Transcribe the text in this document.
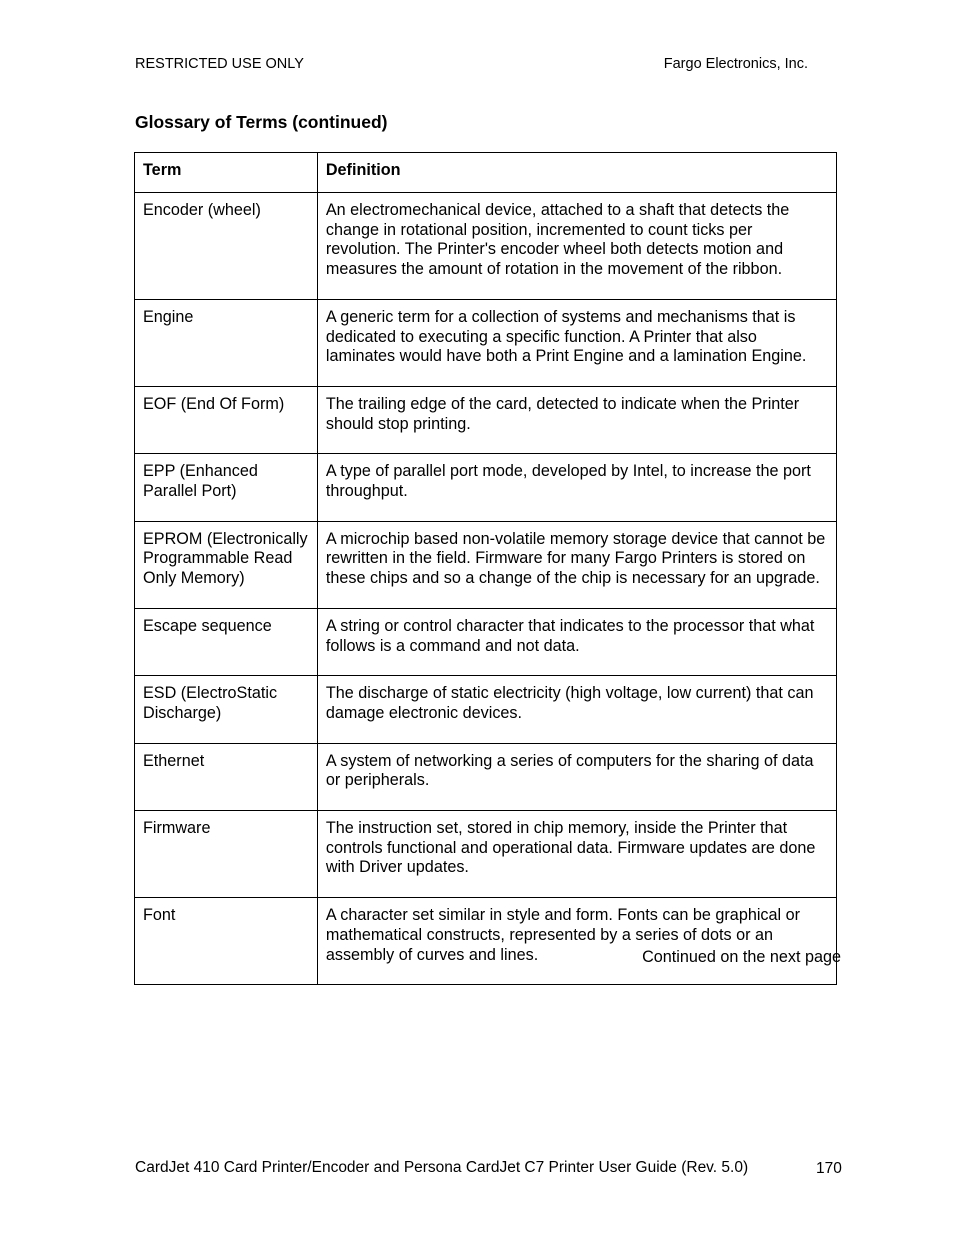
RESTRICTED USE ONLY	Fargo Electronics, Inc.
Glossary of Terms (continued)
Term	Definition
Encoder (wheel)	An electromechanical device, attached to a shaft that detects the change in rotational position, incremented to count ticks per revolution. The Printer's encoder wheel both detects motion and measures the amount of rotation in the movement of the ribbon.
Engine	A generic term for a collection of systems and mechanisms that is dedicated to executing a specific function. A Printer that also laminates would have both a Print Engine and a lamination Engine.
EOF (End Of Form)	The trailing edge of the card, detected to indicate when the Printer should stop printing.
EPP (Enhanced Parallel Port)	A type of parallel port mode, developed by Intel, to increase the port throughput.
EPROM (Electronically Programmable Read Only Memory)	A microchip based non-volatile memory storage device that cannot be rewritten in the field. Firmware for many Fargo Printers is stored on these chips and so a change of the chip is necessary for an upgrade.
Escape sequence	A string or control character that indicates to the processor that what follows is a command and not data.
ESD (ElectroStatic Discharge)	The discharge of static electricity (high voltage, low current) that can damage electronic devices.
Ethernet	A system of networking a series of computers for the sharing of data or peripherals.
Firmware	The instruction set, stored in chip memory, inside the Printer that controls functional and operational data. Firmware updates are done with Driver updates.
Font	A character set similar in style and form. Fonts can be graphical or mathematical constructs, represented by a series of dots or an assembly of curves and lines.	Continued on the next page
CardJet 410 Card Printer/Encoder and Persona CardJet C7 Printer User Guide (Rev. 5.0)	170
